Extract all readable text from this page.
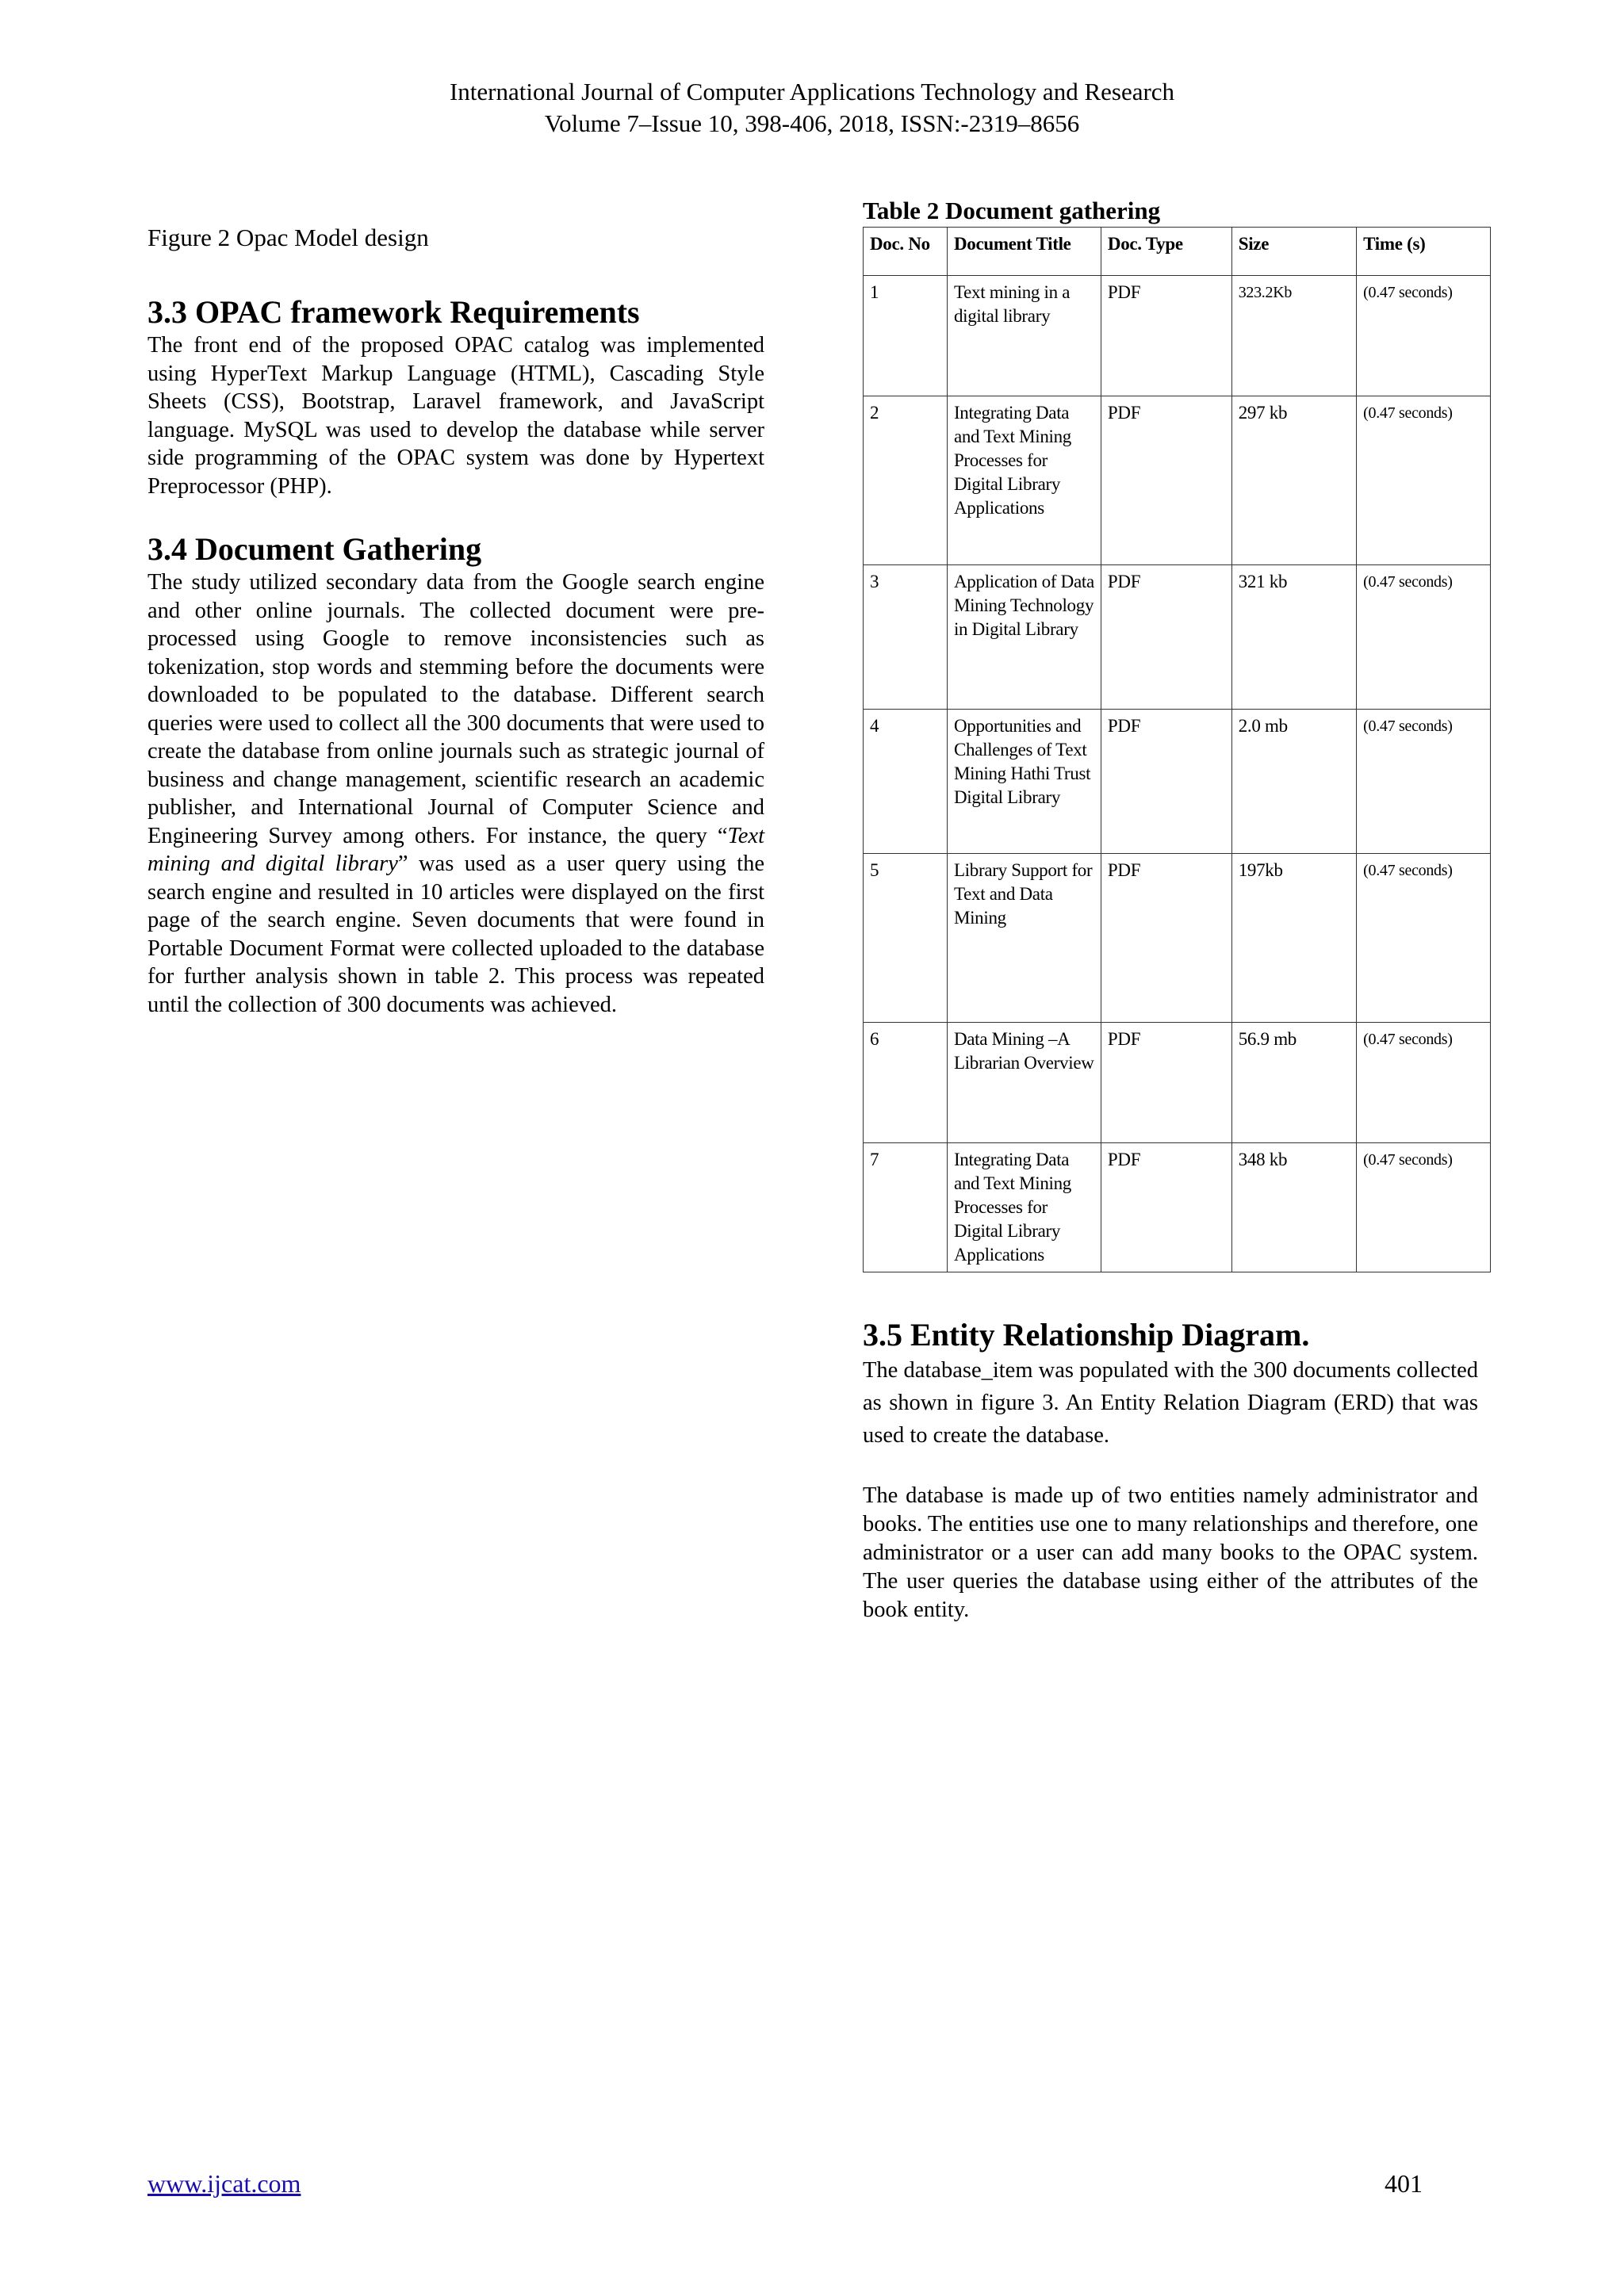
International Journal of Computer Applications Technology and Research
Volume 7–Issue 10, 398-406, 2018, ISSN:-2319–8656

Figure 2 Opac Model design

3.3 OPAC framework Requirements

The front end of the proposed OPAC catalog was implemented using HyperText Markup Language (HTML), Cascading Style Sheets (CSS), Bootstrap, Laravel framework, and JavaScript language. MySQL was used to develop the database while server side programming of the OPAC system was done by Hypertext Preprocessor (PHP).

3.4 Document Gathering

The study utilized secondary data from the Google search engine and other online journals. The collected document were pre-processed using Google to remove inconsistencies such as tokenization, stop words and stemming before the documents were downloaded to be populated to the database. Different search queries were used to collect all the 300 documents that were used to create the database from online journals such as strategic journal of business and change management, scientific research an academic publisher, and International Journal of Computer Science and Engineering Survey among others. For instance, the query “Text mining and digital library” was used as a user query using the search engine and resulted in 10 articles were displayed on the first page of the search engine. Seven documents that were found in Portable Document Format were collected uploaded to the database for further analysis shown in table 2. This process was repeated until the collection of 300 documents was achieved.

Table 2 Document gathering

Doc. No	Document Title	Doc. Type	Size	Time (s)
1	Text mining in a digital library	PDF	323.2Kb	(0.47 seconds)
2	Integrating Data and Text Mining Processes for Digital Library Applications	PDF	297 kb	(0.47 seconds)
3	Application of Data Mining Technology in Digital Library	PDF	321 kb	(0.47 seconds)
4	Opportunities and Challenges of Text Mining Hathi Trust Digital Library	PDF	2.0 mb	(0.47 seconds)
5	Library Support for Text and Data Mining	PDF	197kb	(0.47 seconds)
6	Data Mining –A Librarian Overview	PDF	56.9 mb	(0.47 seconds)
7	Integrating Data and Text Mining Processes for Digital Library Applications	PDF	348 kb	(0.47 seconds)
3.5 Entity Relationship Diagram.

The database_item was populated with the 300 documents collected as shown in figure 3. An Entity Relation Diagram (ERD) that was used to create the database.

The database is made up of two entities namely administrator and books. The entities use one to many relationships and therefore, one administrator or a user can add many books to the OPAC system. The user queries the database using either of the attributes of the book entity.

www.ijcat.com	401
